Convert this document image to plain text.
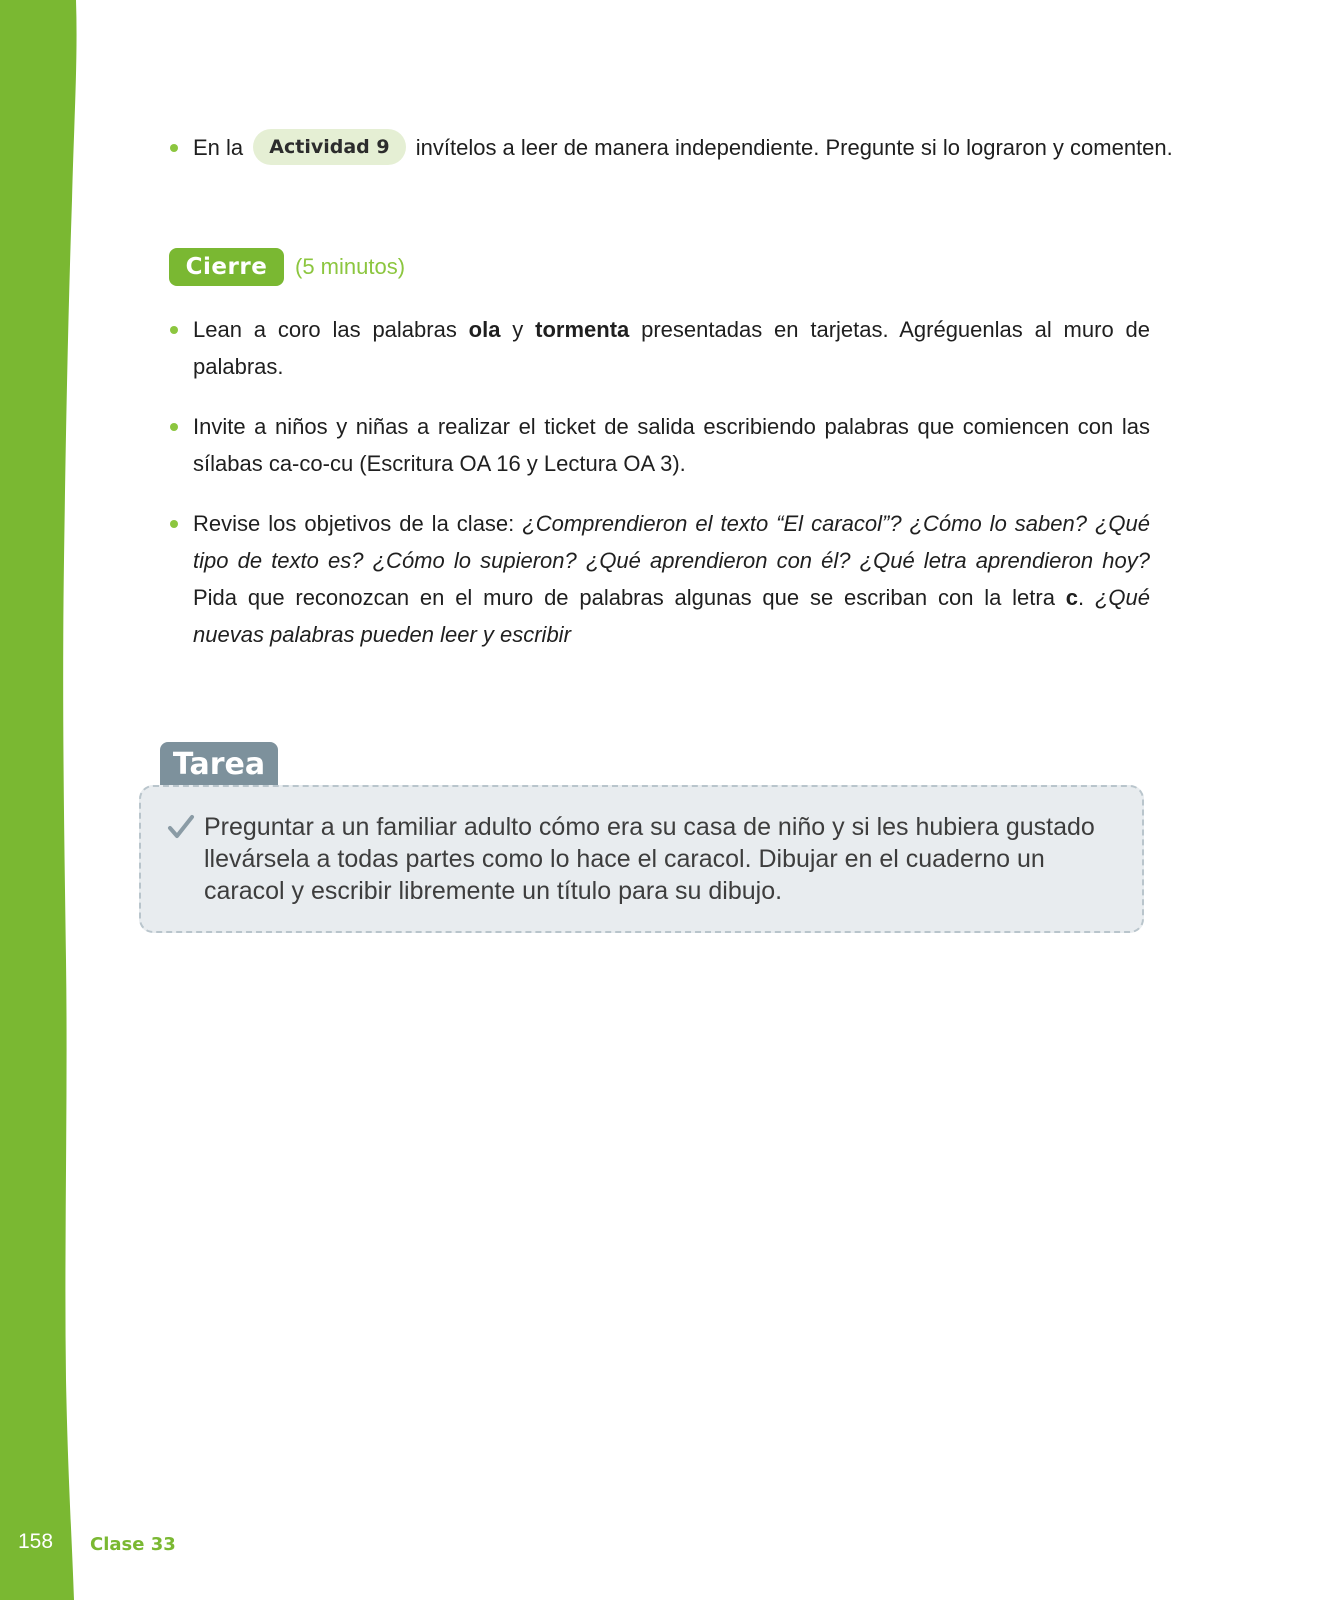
En la Actividad 9 invítelos a leer de manera independiente. Pregunte si lo lograron y comenten.
Cierre	(5 minutos)
Lean a coro las palabras ola y tormenta presentadas en tarjetas. Agréguenlas al muro de palabras.
Invite a niños y niñas a realizar el ticket de salida escribiendo palabras que comiencen con las sílabas ca-co-cu (Escritura OA 16 y Lectura OA 3).
Revise los objetivos de la clase: ¿Comprendieron el texto “El caracol”? ¿Cómo lo saben? ¿Qué tipo de texto es? ¿Cómo lo supieron? ¿Qué aprendieron con él? ¿Qué letra aprendieron hoy? Pida que reconozcan en el muro de palabras algunas que se escriban con la letra c. ¿Qué nuevas palabras pueden leer y escribir
Tarea
Preguntar a un familiar adulto cómo era su casa de niño y si les hubiera gustado llevársela a todas partes como lo hace el caracol. Dibujar en el cuaderno un caracol y escribir libremente un título para su dibujo.
158 Clase 33
